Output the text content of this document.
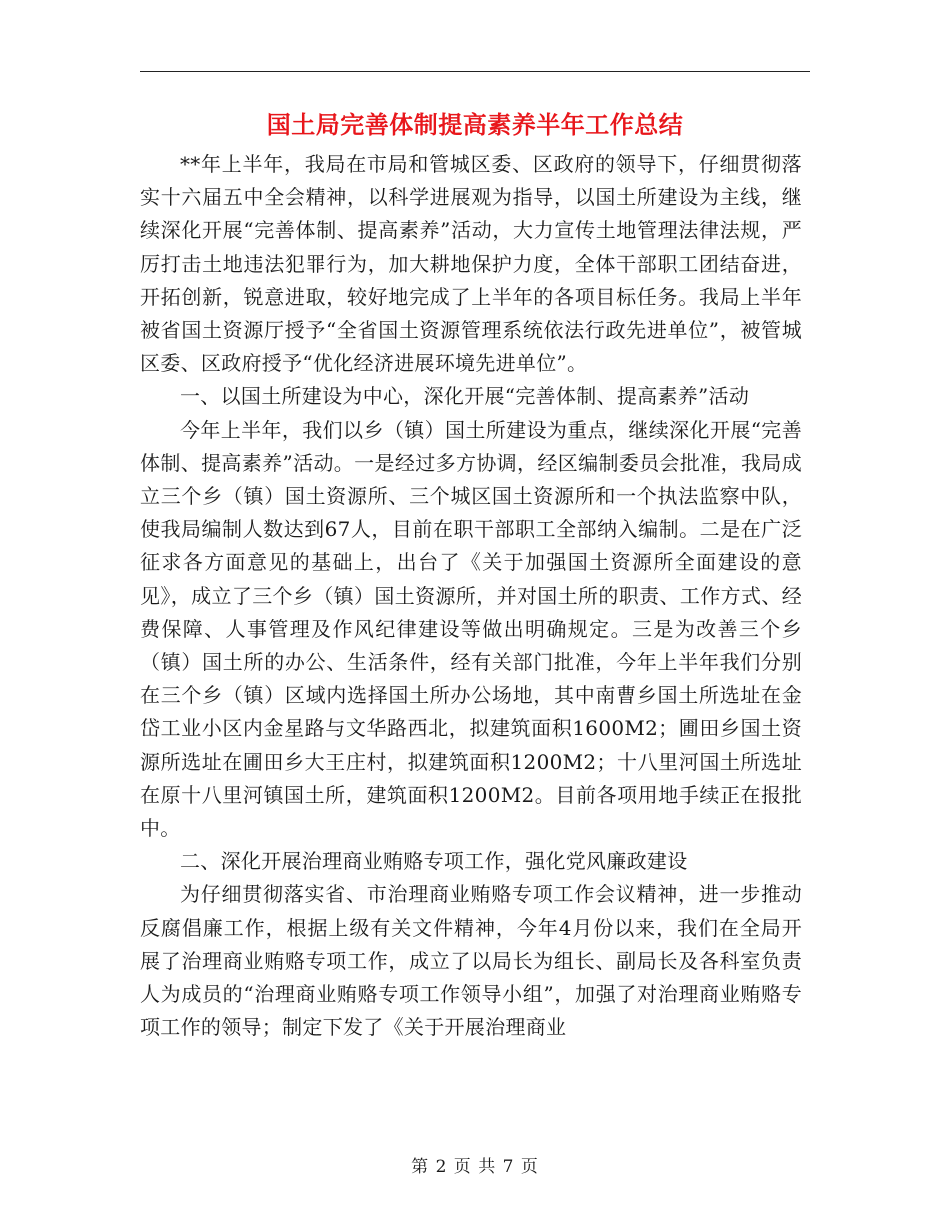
国土局完善体制提高素养半年工作总结

**年上半年，我局在市局和管城区委、区政府的领导下，仔细贯彻落实十六届五中全会精神，以科学进展观为指导，以国土所建设为主线，继续深化开展“完善体制、提高素养”活动，大力宣传土地管理法律法规，严厉打击土地违法犯罪行为，加大耕地保护力度，全体干部职工团结奋进，开拓创新，锐意进取，较好地完成了上半年的各项目标任务。我局上半年被省国土资源厅授予“全省国土资源管理系统依法行政先进单位”，被管城区委、区政府授予“优化经济进展环境先进单位”。

一、以国土所建设为中心，深化开展“完善体制、提高素养”活动

今年上半年，我们以乡（镇）国土所建设为重点，继续深化开展“完善体制、提高素养”活动。一是经过多方协调，经区编制委员会批准，我局成立三个乡（镇）国土资源所、三个城区国土资源所和一个执法监察中队，使我局编制人数达到67人，目前在职干部职工全部纳入编制。二是在广泛征求各方面意见的基础上，出台了《关于加强国土资源所全面建设的意见》，成立了三个乡（镇）国土资源所，并对国土所的职责、工作方式、经费保障、人事管理及作风纪律建设等做出明确规定。三是为改善三个乡（镇）国土所的办公、生活条件，经有关部门批准，今年上半年我们分别在三个乡（镇）区域内选择国土所办公场地，其中南曹乡国土所选址在金岱工业小区内金星路与文华路西北，拟建筑面积1600M2；圃田乡国土资源所选址在圃田乡大王庄村，拟建筑面积1200M2；十八里河国土所选址在原十八里河镇国土所，建筑面积1200M2。目前各项用地手续正在报批中。

二、深化开展治理商业贿赂专项工作，强化党风廉政建设

为仔细贯彻落实省、市治理商业贿赂专项工作会议精神，进一步推动反腐倡廉工作，根据上级有关文件精神，今年4月份以来，我们在全局开展了治理商业贿赂专项工作，成立了以局长为组长、副局长及各科室负责人为成员的“治理商业贿赂专项工作领导小组”，加强了对治理商业贿赂专项工作的领导；制定下发了《关于开展治理商业

第 2 页 共 7 页
